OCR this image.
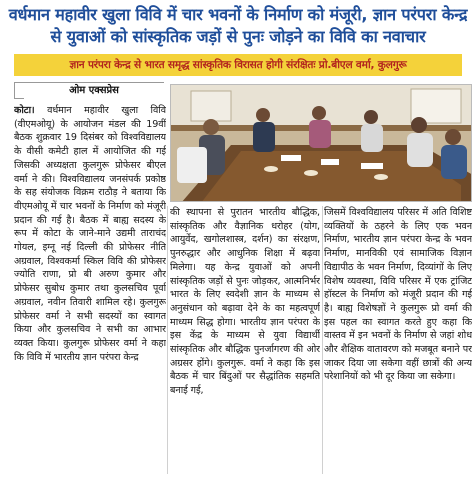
वर्धमान महावीर खुला विवि में चार भवनों के निर्माण को मंजूरी, ज्ञान परंपरा केन्द्र से युवाओं को सांस्कृतिक जड़ों से पुनः जोड़ने का विवि का नवाचार
ज्ञान परंपरा केन्द्र से भारत समृद्ध सांस्कृतिक विरासत होगी संरक्षितः प्रो.बीएल वर्मा, कुलगुरू
ओम एक्सप्रेस
कोटा। वर्धमान महावीर खुला विवि (वीएमओयू) के आयोजन मंडल की 19वीं बैठक शुक्रवार 19 दिसंबर को विश्वविद्यालय के वीसी कमेटी हाल में आयोजित की गई जिसकी अध्यक्षता कुलगुरू प्रोफेसर बीएल वर्मा ने की। विश्वविद्यालय जनसंपर्क प्रकोष्ठ के सह संयोजक विक्रम राठौड़ ने बताया कि वीएमओयू में चार भवनों के निर्माण को मंजूरी प्रदान की गई है। बैठक में बाह्य सदस्य के रूप में कोटा के जाने-माने उद्यमी ताराचंद गोयल, इग्नू नई दिल्ली की प्रोफेसर नीति अग्रवाल, विश्वकर्मा स्किल विवि की प्रोफेसर ज्योति राणा, प्रो बी अरुण कुमार और प्रोफेसर सुबोध कुमार तथा कुलसचिव पूर्वा अग्रवाल, नवीन तिवारी शामिल रहे। कुलगुरू प्रोफेसर वर्मा ने सभी सदस्यों का स्वागत किया और कुलसचिव ने सभी का आभार व्यक्त किया। कुलगुरू प्रोफेसर वर्मा ने कहा कि विवि में भारतीय ज्ञान परंपरा केन्द्र
की स्थापना से पुरातन भारतीय बौद्धिक, सांस्कृतिक और वैज्ञानिक धरोहर (योग, आयुर्वेद, खगोलशास्त्र, दर्शन) का संरक्षण, पुनरुद्धार और आधुनिक शिक्षा में बढ़वा मिलेगा। यह केन्द्र युवाओं को अपनी सांस्कृतिक जड़ों से पुनः जोड़कर, आत्मनिर्भर भारत के लिए स्वदेशी ज्ञान के माध्यम से अनुसंधान को बढ़ावा देने के का महत्वपूर्ण माध्यम सिद्ध होगा। भारतीय ज्ञान परंपरा के इस केंद्र के माध्यम से युवा विद्यार्थी सांस्कृतिक और बौद्धिक पुनर्जागरण की ओर अग्रसर होंगे। कुलगुरू. वर्मा ने कहा कि इस बैठक में चार बिंदुओं पर सैद्धांतिक सहमति बनाई गई,
जिसमें विश्वविद्यालय परिसर में अति विशिष्ट व्यक्तियों के ठहरने के लिए एक भवन निर्माण, भारतीय ज्ञान परंपरा केन्द्र के भवन निर्माण, मानविकी एवं सामाजिक विज्ञान विद्यापीठ के भवन निर्माण, दिव्यांगों के लिए विशेष व्यवस्था, विवि परिसर में एक ट्रांजिट हॉस्टल के निर्माण को मंजूरी प्रदान की गई है। बाह्य विशेषज्ञों ने कुलगुरू प्रो वर्मा की इस पहल का स्वागत करते हुए कहा कि वास्तव में इन भवनों के निर्माण से जहां शोध और शैक्षिक वातावरण को मजबूत बनाने पर जाकर दिया जा सकेगा वहीं छात्रों की अन्य परेशानियों को भी दूर किया जा सकेगा।
